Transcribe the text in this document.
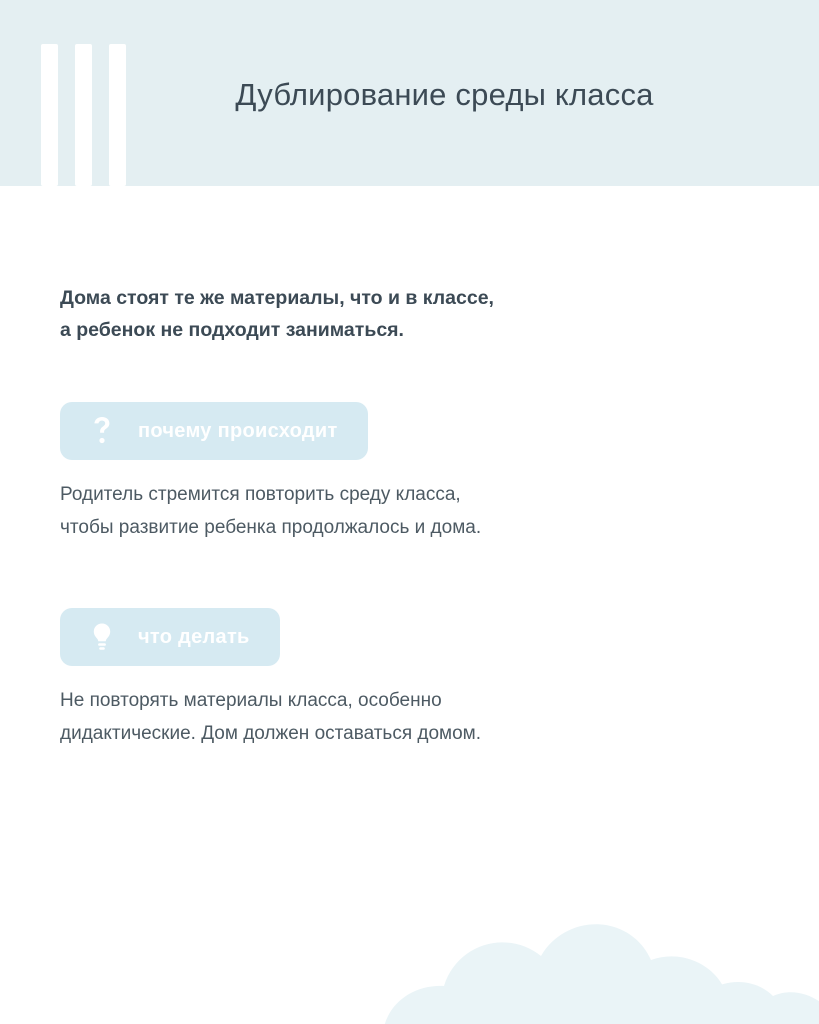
Дублирование среды класса
Дома стоят те же материалы, что и в классе,
а ребенок не подходит заниматься.
почему происходит
Родитель стремится повторить среду класса,
чтобы развитие ребенка продолжалось и дома.
что делать
Не повторять материалы класса, особенно
дидактические. Дом должен оставаться домом.
